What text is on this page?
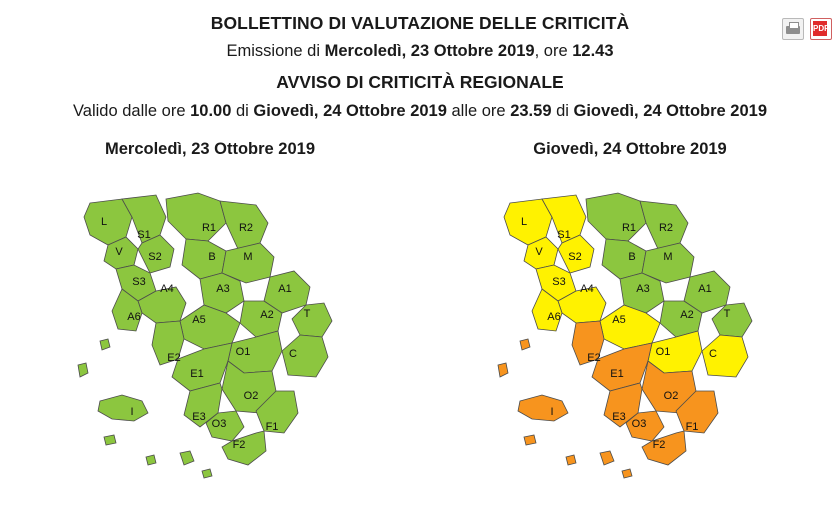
PDF
BOLLETTINO DI VALUTAZIONE DELLE CRITICITÀ
Emissione di Mercoledì, 23 Ottobre 2019, ore 12.43
AVVISO DI CRITICITÀ REGIONALE
Valido dalle ore 10.00 di Giovedì, 24 Ottobre 2019 alle ore 23.59 di Giovedì, 24 Ottobre 2019
Mercoledì, 23 Ottobre 2019
L
V
S1
S2
S3
R1 R2
B	M
A4	A3	A1
A2
A5
A6	T
O1	C
E2
E1
O2
E3
O3	F1
F2
I
Giovedì, 24 Ottobre 2019
L
V
S1
S2
S3
R1 R2
B	M
A4	A3	A1
A2
A5
A6	T
O1	C
E2
E1
O2
E3
O3	F1
F2
I
